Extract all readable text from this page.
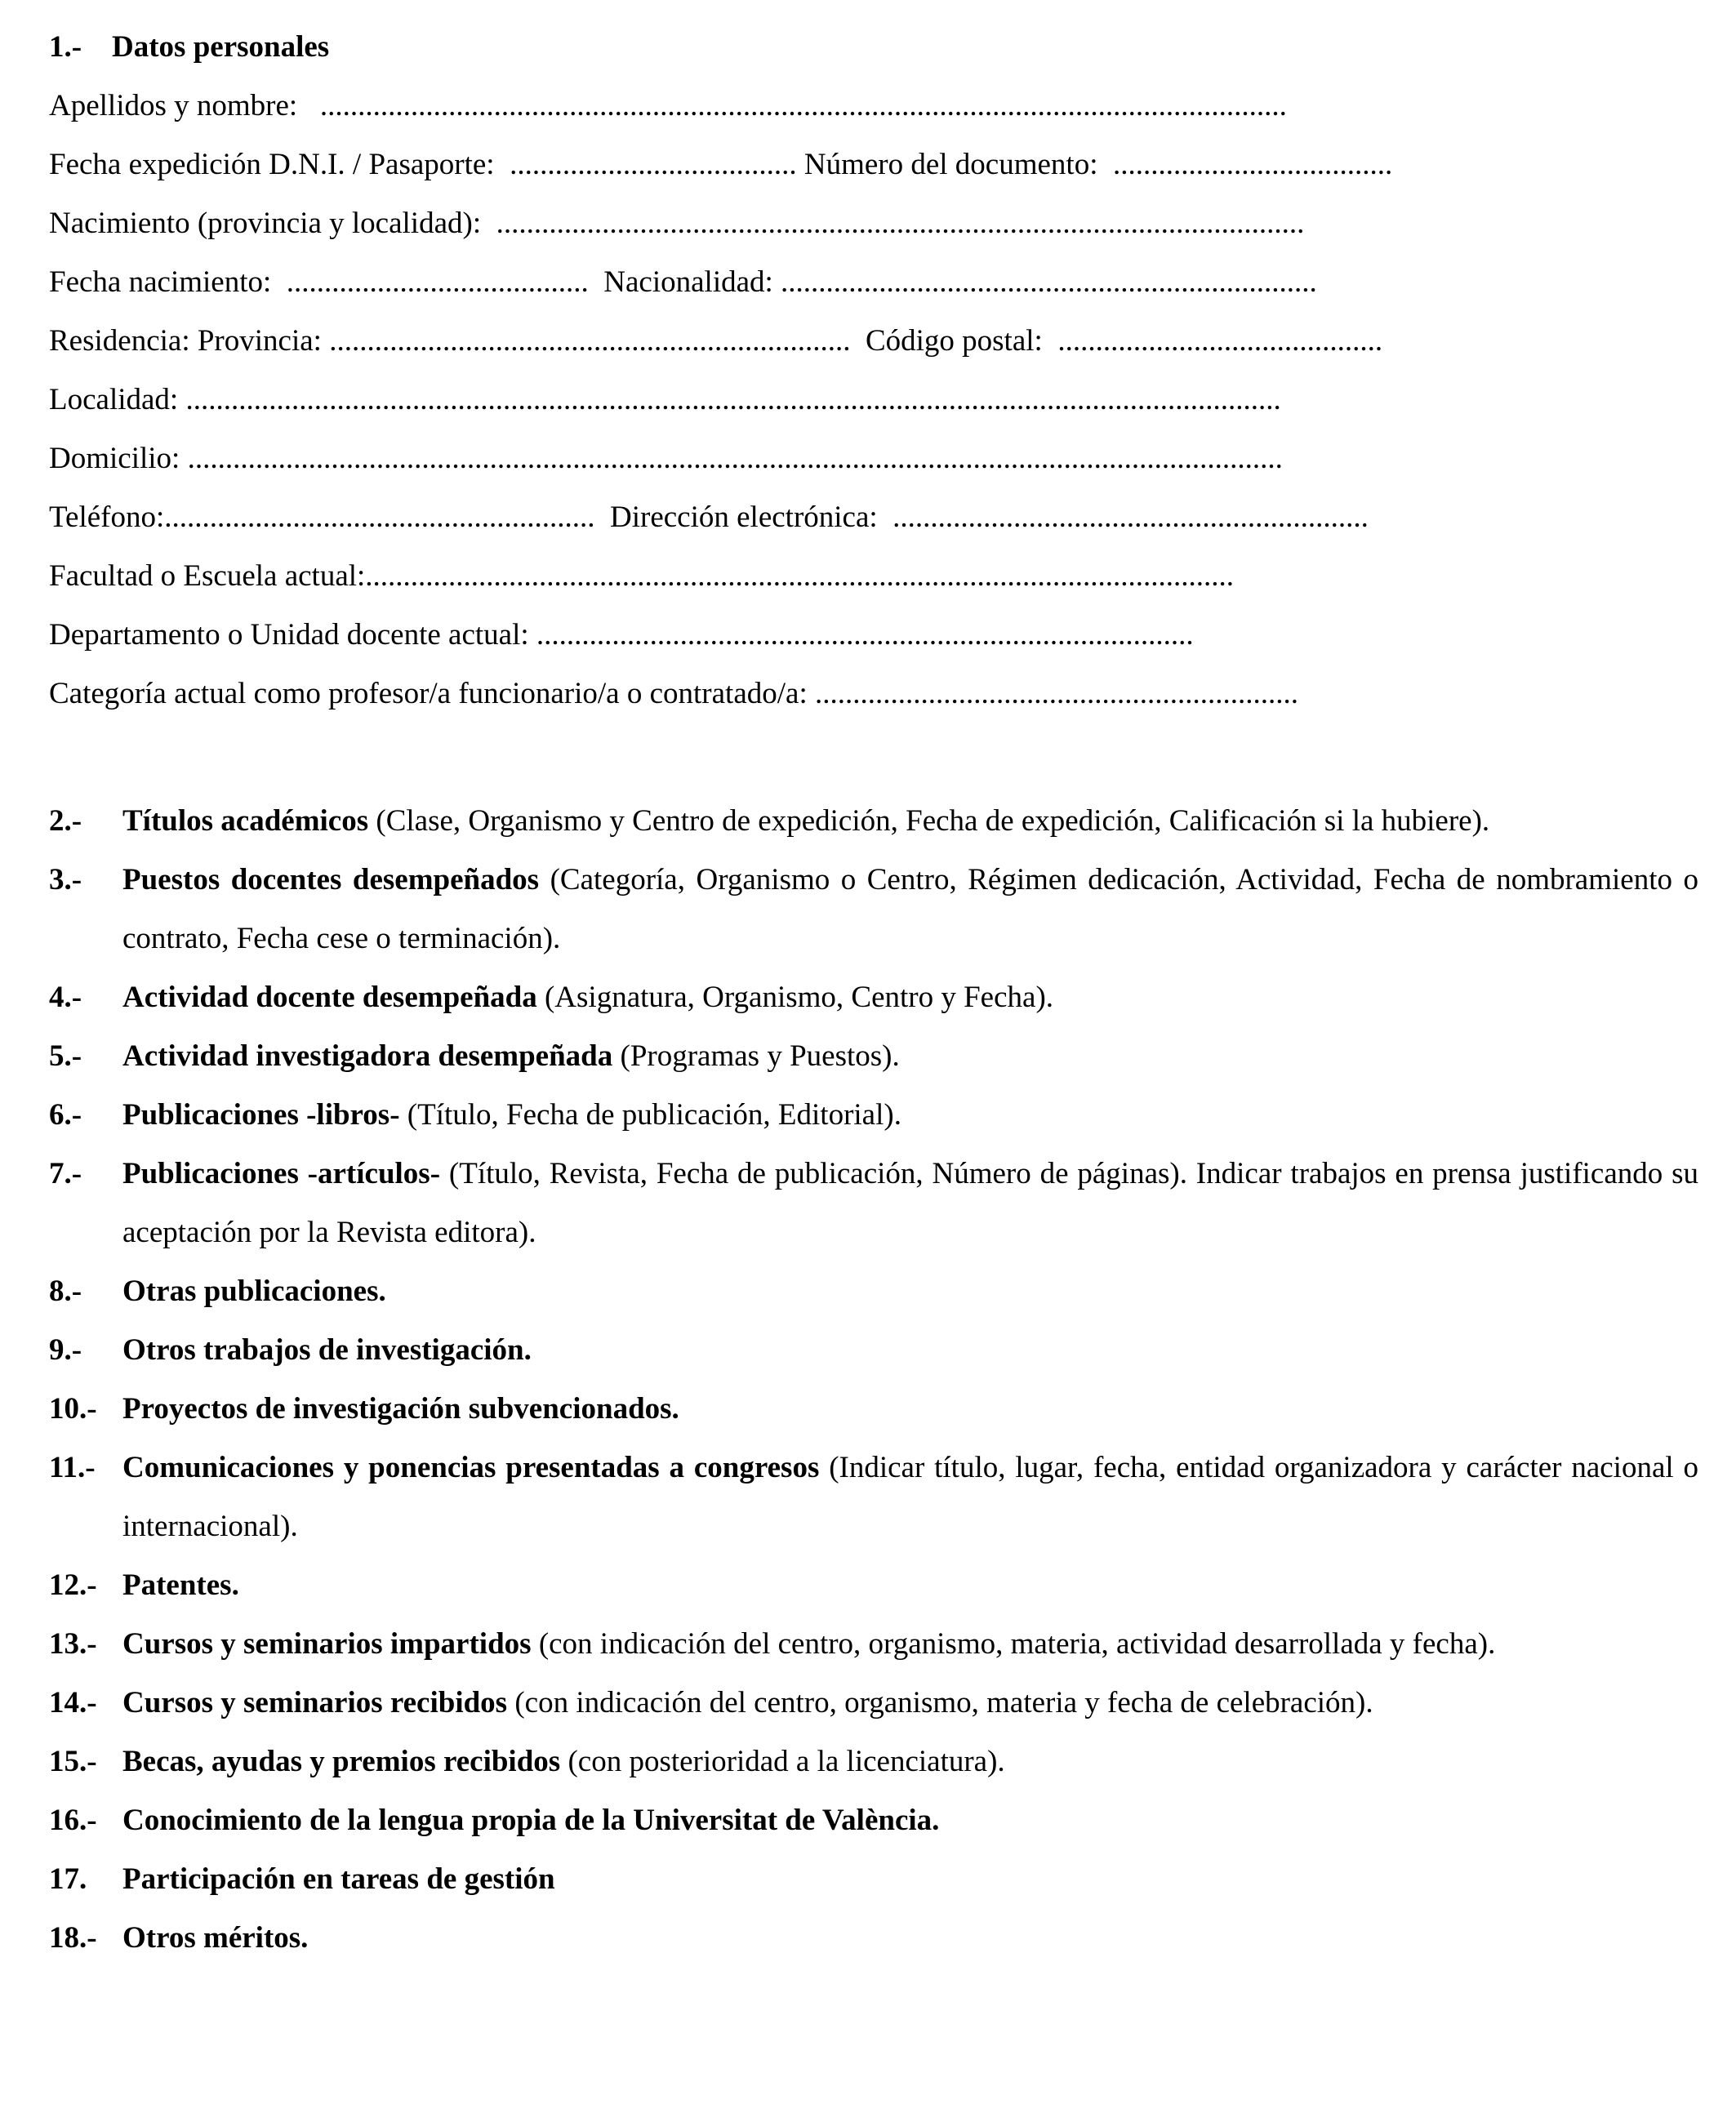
1.- Datos personales
Apellidos y nombre:   ................................................................................................................................
Fecha expedición D.N.I. / Pasaporte:  ...................................... Número del documento:  .....................................
Nacimiento (provincia y localidad):  ...........................................................................................................
Fecha nacimiento:  ........................................  Nacionalidad: .......................................................................
Residencia: Provincia: .....................................................................  Código postal:  ...........................................
Localidad: .................................................................................................................................................
Domicilio: .................................................................................................................................................
Teléfono:.........................................................  Dirección electrónica:  ...............................................................
Facultad o Escuela actual:...................................................................................................................
Departamento o Unidad docente actual: .......................................................................................
Categoría actual como profesor/a funcionario/a o contratado/a: ................................................................
2.- Títulos académicos (Clase, Organismo y Centro de expedición, Fecha de expedición, Calificación si la hubiere).
3.- Puestos docentes desempeñados (Categoría, Organismo o Centro, Régimen dedicación, Actividad, Fecha de nombramiento o contrato, Fecha cese o terminación).
4.- Actividad docente desempeñada (Asignatura, Organismo, Centro y Fecha).
5.- Actividad investigadora desempeñada (Programas y Puestos).
6.- Publicaciones -libros- (Título, Fecha de publicación, Editorial).
7.- Publicaciones -artículos- (Título, Revista, Fecha de publicación, Número de páginas). Indicar trabajos en prensa justificando su aceptación por la Revista editora).
8.- Otras publicaciones.
9.- Otros trabajos de investigación.
10.- Proyectos de investigación subvencionados.
11.- Comunicaciones y ponencias presentadas a congresos (Indicar título, lugar, fecha, entidad organizadora y carácter nacional o internacional).
12.- Patentes.
13.- Cursos y seminarios impartidos (con indicación del centro, organismo, materia, actividad desarrollada y fecha).
14.- Cursos y seminarios recibidos (con indicación del centro, organismo, materia y fecha de celebración).
15.- Becas, ayudas y premios recibidos (con posterioridad a la licenciatura).
16.- Conocimiento de la lengua propia de la Universitat de València.
17. Participación en tareas de gestión
18.- Otros méritos.
